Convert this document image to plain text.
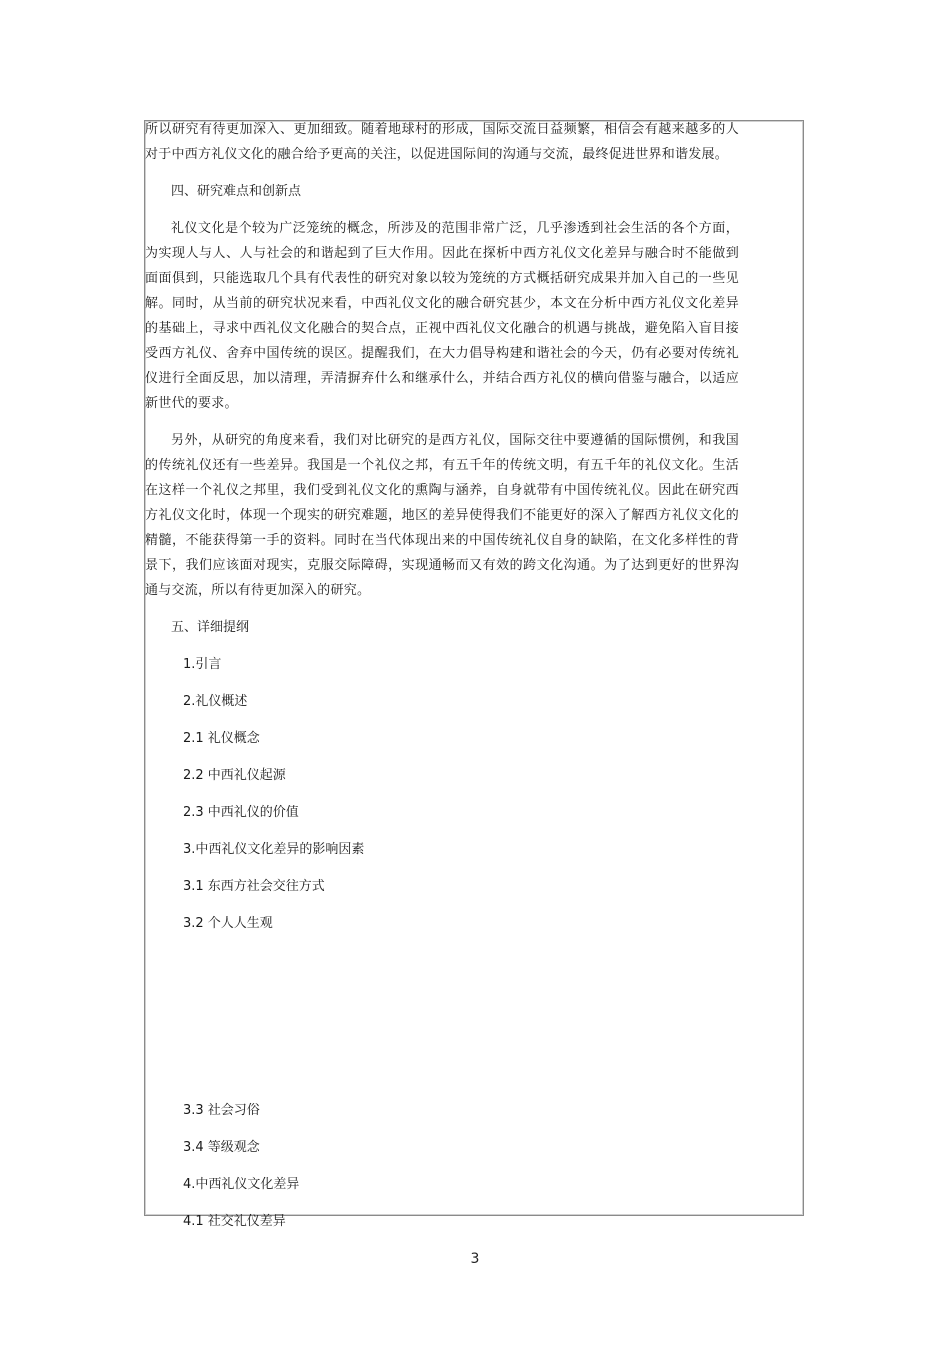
所以研究有待更加深入、更加细致。随着地球村的形成，国际交流日益频繁，相信会有越来越多的人对于中西方礼仪文化的融合给予更高的关注，以促进国际间的沟通与交流，最终促进世界和谐发展。

四、研究难点和创新点

礼仪文化是个较为广泛笼统的概念，所涉及的范围非常广泛，几乎渗透到社会生活的各个方面，为实现人与人、人与社会的和谐起到了巨大作用。因此在探析中西方礼仪文化差异与融合时不能做到面面俱到，只能选取几个具有代表性的研究对象以较为笼统的方式概括研究成果并加入自己的一些见解。同时，从当前的研究状况来看，中西礼仪文化的融合研究甚少，本文在分析中西方礼仪文化差异的基础上，寻求中西礼仪文化融合的契合点，正视中西礼仪文化融合的机遇与挑战，避免陷入盲目接受西方礼仪、舍弃中国传统的误区。提醒我们，在大力倡导构建和谐社会的今天，仍有必要对传统礼仪进行全面反思，加以清理，弄清摒弃什么和继承什么，并结合西方礼仪的横向借鉴与融合，以适应新世代的要求。

另外，从研究的角度来看，我们对比研究的是西方礼仪，国际交往中要遵循的国际惯例，和我国的传统礼仪还有一些差异。我国是一个礼仪之邦，有五千年的传统文明，有五千年的礼仪文化。生活在这样一个礼仪之邦里，我们受到礼仪文化的熏陶与涵养，自身就带有中国传统礼仪。因此在研究西方礼仪文化时，体现一个现实的研究难题，地区的差异使得我们不能更好的深入了解西方礼仪文化的精髓，不能获得第一手的资料。同时在当代体现出来的中国传统礼仪自身的缺陷，在文化多样性的背景下，我们应该面对现实，克服交际障碍，实现通畅而又有效的跨文化沟通。为了达到更好的世界沟通与交流，所以有待更加深入的研究。

五、详细提纲

1.引言

2.礼仪概述

2.1 礼仪概念

2.2 中西礼仪起源

2.3 中西礼仪的价值

3.中西礼仪文化差异的影响因素

3.1 东西方社会交往方式

3.2 个人人生观

3.3 社会习俗

3.4 等级观念

4.中西礼仪文化差异

4.1 社交礼仪差异

3
